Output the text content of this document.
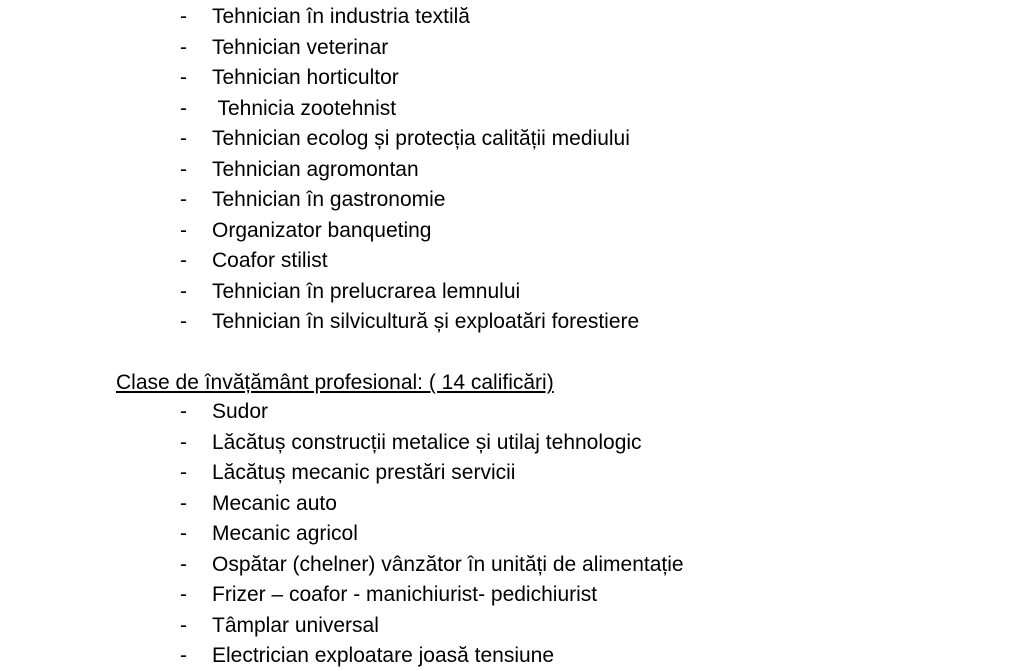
- Tehnician în industria textilă
- Tehnician veterinar
- Tehnician horticultor
- Tehnicia zootehnist
- Tehnician ecolog și protecția calității mediului
- Tehnician agromontan
- Tehnician în gastronomie
- Organizator banqueting
- Coafor stilist
- Tehnician în prelucrarea lemnului
- Tehnician în silvicultură și exploatări forestiere
Clase de învățământ profesional: ( 14 calificări)
- Sudor
- Lăcătuș construcții metalice și utilaj tehnologic
- Lăcătuș mecanic prestări servicii
- Mecanic auto
- Mecanic agricol
- Ospătar (chelner) vânzător în unități de alimentație
- Frizer – coafor - manichiurist- pedichiurist
- Tâmplar universal
- Electrician exploatare joasă tensiune
